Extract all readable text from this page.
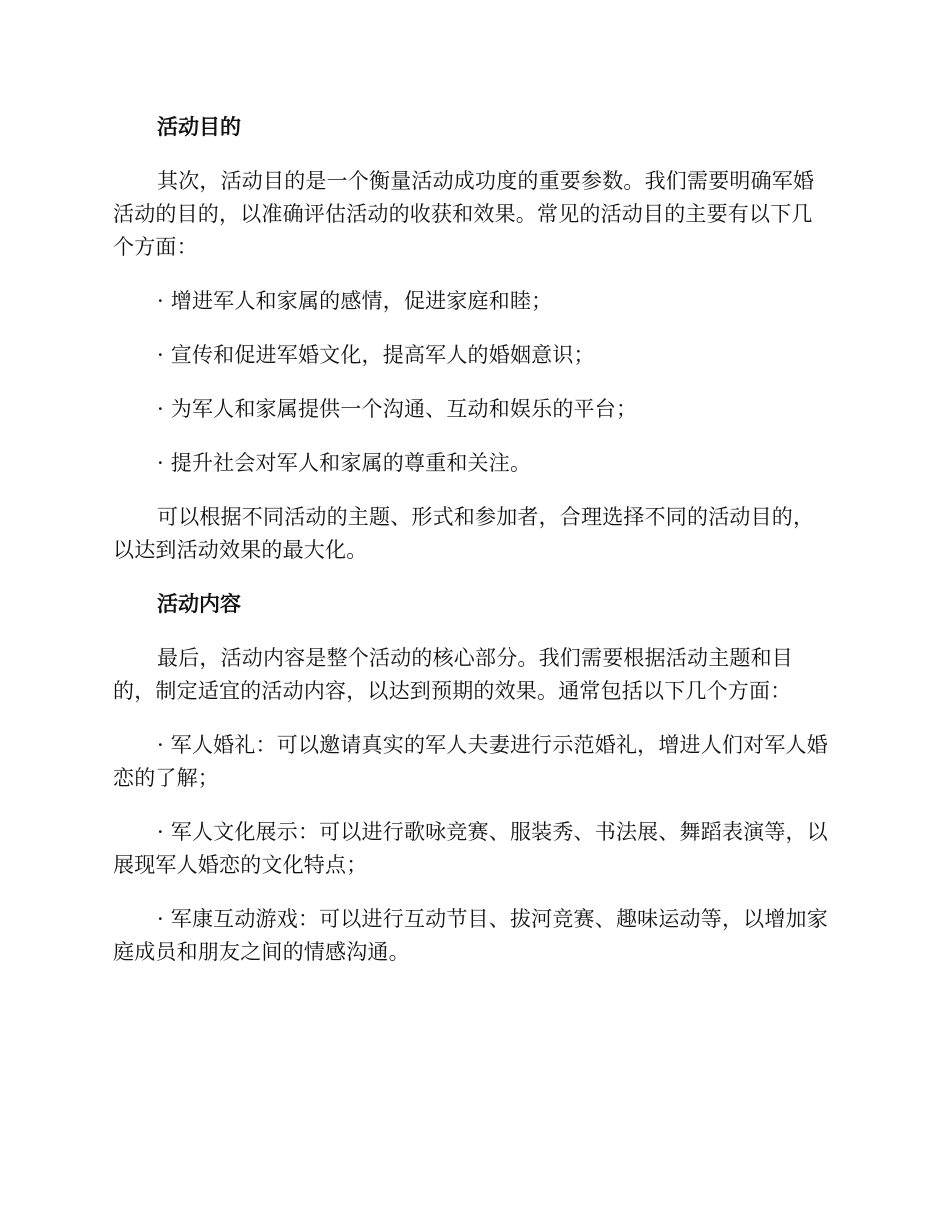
活动目的

其次，活动目的是一个衡量活动成功度的重要参数。我们需要明确军婚活动的目的，以准确评估活动的收获和效果。常见的活动目的主要有以下几个方面：

· 增进军人和家属的感情，促进家庭和睦；

· 宣传和促进军婚文化，提高军人的婚姻意识；

· 为军人和家属提供一个沟通、互动和娱乐的平台；

· 提升社会对军人和家属的尊重和关注。

可以根据不同活动的主题、形式和参加者，合理选择不同的活动目的，以达到活动效果的最大化。

活动内容

最后，活动内容是整个活动的核心部分。我们需要根据活动主题和目的，制定适宜的活动内容，以达到预期的效果。通常包括以下几个方面：

· 军人婚礼：可以邀请真实的军人夫妻进行示范婚礼，增进人们对军人婚恋的了解；

· 军人文化展示：可以进行歌咏竞赛、服装秀、书法展、舞蹈表演等，以展现军人婚恋的文化特点；

· 军康互动游戏：可以进行互动节目、拔河竞赛、趣味运动等，以增加家庭成员和朋友之间的情感沟通。
